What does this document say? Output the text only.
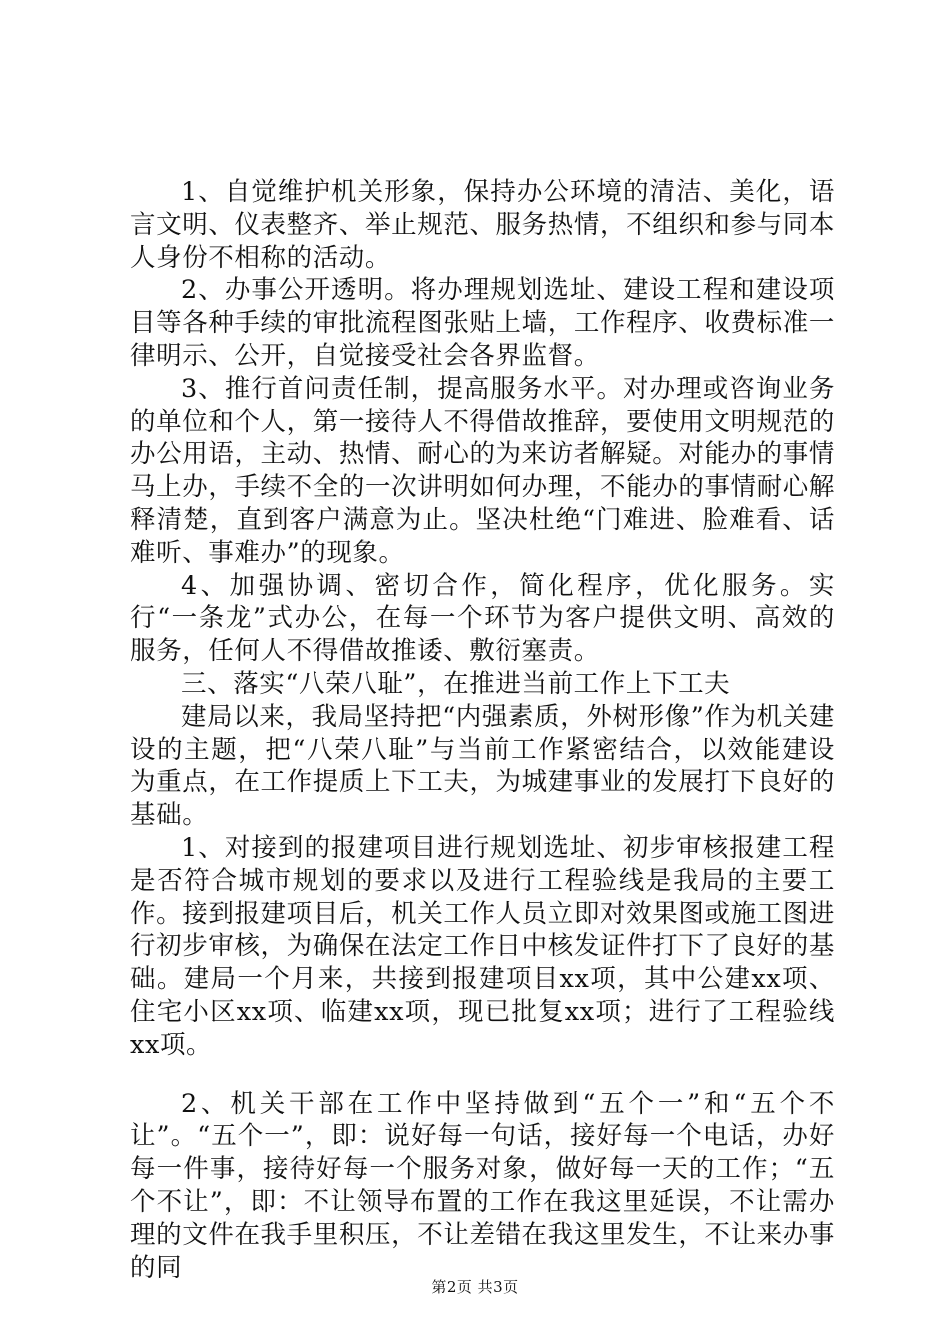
1、自觉维护机关形象，保持办公环境的清洁、美化，语言文明、仪表整齐、举止规范、服务热情，不组织和参与同本人身份不相称的活动。

2、办事公开透明。将办理规划选址、建设工程和建设项目等各种手续的审批流程图张贴上墙，工作程序、收费标准一律明示、公开，自觉接受社会各界监督。

3、推行首问责任制，提高服务水平。对办理或咨询业务的单位和个人，第一接待人不得借故推辞，要使用文明规范的办公用语，主动、热情、耐心的为来访者解疑。对能办的事情马上办，手续不全的一次讲明如何办理，不能办的事情耐心解释清楚，直到客户满意为止。坚决杜绝“门难进、脸难看、话难听、事难办”的现象。

4、加强协调、密切合作，简化程序，优化服务。实行“一条龙”式办公，在每一个环节为客户提供文明、高效的服务，任何人不得借故推诿、敷衍塞责。

三、落实“八荣八耻”，在推进当前工作上下工夫

建局以来，我局坚持把“内强素质，外树形像”作为机关建设的主题，把“八荣八耻”与当前工作紧密结合，以效能建设为重点，在工作提质上下工夫，为城建事业的发展打下良好的基础。

1、对接到的报建项目进行规划选址、初步审核报建工程是否符合城市规划的要求以及进行工程验线是我局的主要工作。接到报建项目后，机关工作人员立即对效果图或施工图进行初步审核，为确保在法定工作日中核发证件打下了良好的基础。建局一个月来，共接到报建项目xx项，其中公建xx项、住宅小区xx项、临建xx项，现已批复xx项；进行了工程验线xx项。

2、机关干部在工作中坚持做到“五个一”和“五个不让”。“五个一”，即：说好每一句话，接好每一个电话，办好每一件事，接待好每一个服务对象，做好每一天的工作；“五个不让”，即：不让领导布置的工作在我这里延误，不让需办理的文件在我手里积压，不让差错在我这里发生，不让来办事的同

第2页 共3页
